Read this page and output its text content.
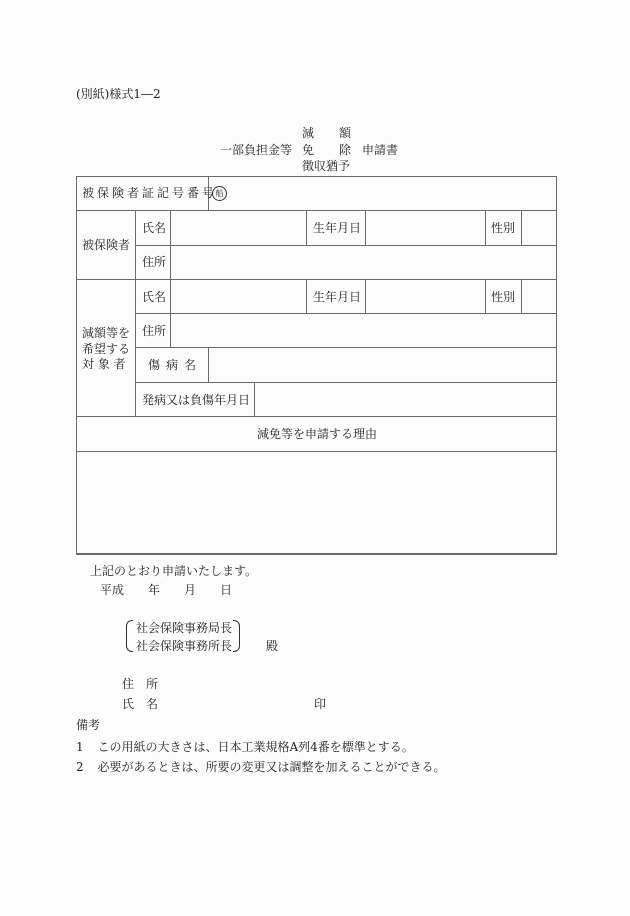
(別紙)様式1―2
減 額
一部負担金等 免 除 申請書
徴収猶予
被保険者証記号番号
船
被保険者
氏名	生年月日	性別
住所
減額等を
希望する
対 象 者
氏名	生年月日	性別
住所
傷病名
発病又は負傷年月日
減免等を申請する理由
上記のとおり申請いたします。
平成 年 月 日
社会保険事務局長
社会保険事務所長	殿
住　所
氏　名	印
備考
1 この用紙の大きさは、日本工業規格A列4番を標準とする。
2 必要があるときは、所要の変更又は調整を加えることができる。
